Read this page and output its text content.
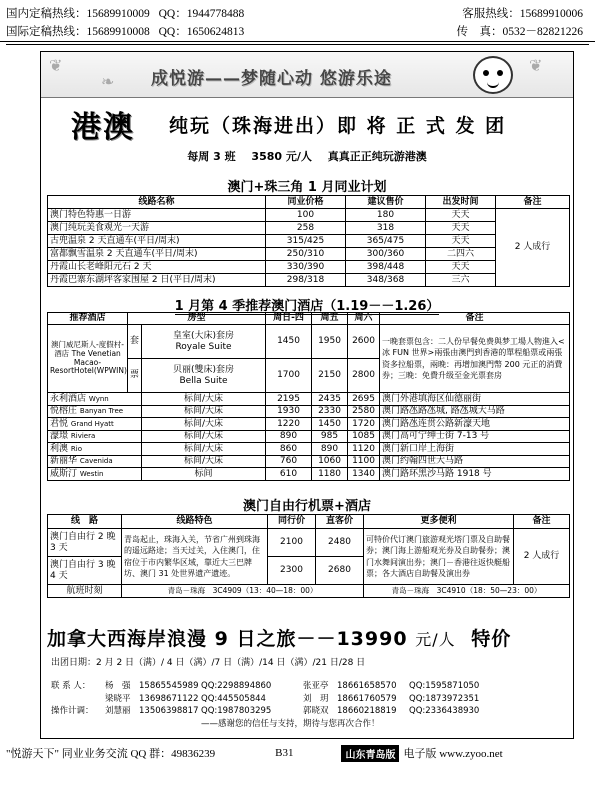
国内定稿热线：15689910009 QQ：1944778488	客服热线：15689910006
国际定稿热线：15689910008 QQ：1650624813	传　真：0532－82821226
❦
❧	成悦游——梦随心动 悠游乐途
❦
港澳 纯玩（珠海进出）即 将 正 式 发 团
每周 3 班 3580 元/人 真真正正纯玩游港澳
澳门+珠三角 1 月同业计划
线路名称	同业价格	建议售价	出发时间	备注
澳门特色特惠一日游	100	180	天天	2 人成行
澳门纯玩美食观光一天游	258	318	天天	
古兜温泉 2 天直通车(平日/周末)	315/425	365/475	天天	
富都飘雪温泉 2 天直通车(平日/周末)	250/310	300/360	二四六	
丹霞山长老峰阳元石 2 天	330/390	398/448	天天	
丹霞巴寨东湖坪客家围屋 2 日(平日/周末)	298/318	348/368	三六	
1 月第 4 季推荐澳门酒店（1.19－－1.26）
推荐酒店	房型		周日-四	周五	周六	备注
澳门威尼斯人-度假村-酒店 The Venetian Macao-ResortHotel(WPWIN)	套	皇室(大床)套房
Royale Suite	1450	1950	2600	一晚套票包含：二人份早餐免费與梦工場人物進入<冰 FUN 世界>兩張由澳門到香港的單程船票或兩張资多拉船票，兩晚：再增加澳門幣 200 元正的消費券；三晚：免費升级至金光票套房
	票	贝丽(雙床)套房
Bella Suite	1700	2150	2800	
永利酒店 Wynn		标间/大床	2195	2435	2695	澳门外港填海区仙德丽街
悦榕庄 Banyan Tree		标间/大床	1930	2330	2580	澳门路氹路氹城, 路氹城大马路
君悦 Grand Hyatt		标间/大床	1220	1450	1720	澳门路氹连贯公路新濠天地
濠璟 Riviera		标间/大床	890	985	1085	澳门高可宁绅士街 7-13 号
利澳 Rio		标间/大床	860	890	1120	澳门新口岸上海街
新丽华 Cavenida		标间/大床	760	1060	1100	澳门约翰四世大马路
威斯汀 Westin		标间	610	1180	1340	澳门路环黑沙马路 1918 号
澳门自由行机票+酒店
线　路	线路特色	同行价	直客价	更多便利	备注
澳门自由行 2 晚 3 天	青岛起止，珠海入关，节省广州到珠海的遥远路途；当天过关，入住澳门，住宿位于市内繁华区域，靠近大三巴牌坊、澳门 31 处世界遗产遗迹。	2100	2480	可特价代订澳门旅游观光塔门票及自助餐券；澳门海上游船观光券及自助餐券；澳门水舞间演出券；澳门－香港往返快艇船票；各大酒店自助餐及演出券	2 人成行
澳门自由行 3 晚 4 天		2300	2680		
航班时刻	青岛－珠海　3C4909（13：40—18：00）			青岛－珠海　3C4910（18：50—23：00）	
加拿大西海岸浪漫 9 日之旅－－13990 元/人 特价
出团日期：2 月 2 日（满）/ 4 日（满）/7 日（满）/14 日（满）/21 日/28 日
联 系 人： 杨　强　15865545989 QQ:2298894860	张亚亭　18661658570 QQ:1595871050
梁晓平　13698671122 QQ:445505844	刘　玥　18661760579 QQ:1873972351
操作计调： 刘慧丽　13506398817 QQ:1987803295	郭晓双　18660218819 QQ:2336438930
——感谢您的信任与支持，期待与您再次合作！
"悦游天下" 同业业务交流 QQ 群：49836239	B31	山东青岛版 电子版 www.zyoo.net
